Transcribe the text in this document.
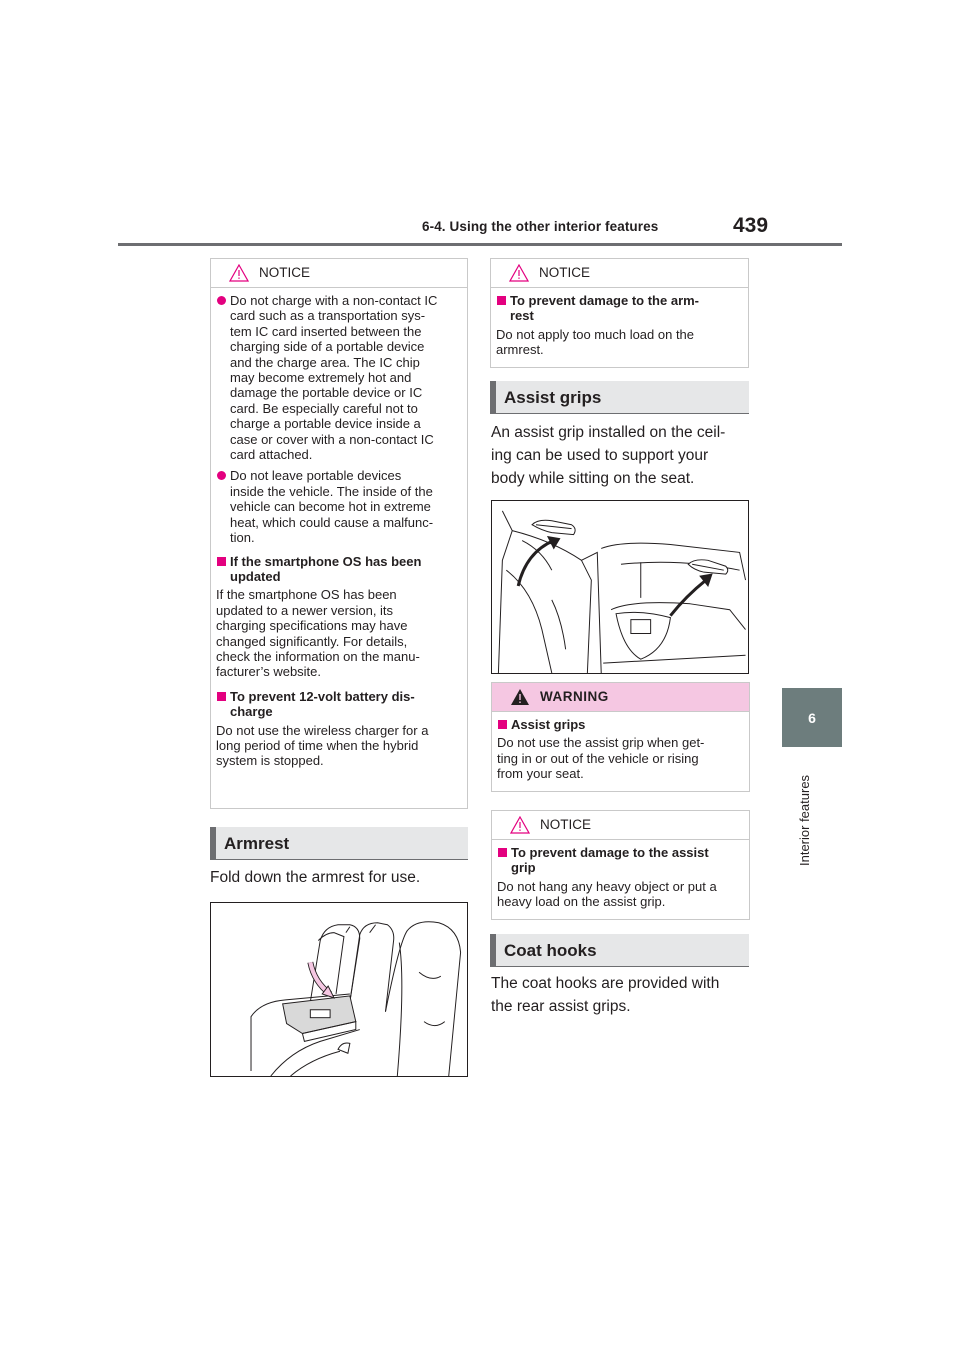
6-4. Using the other interior features	439
6
Interior features
NOTICE
Do not charge with a non-contact IC
card such as a transportation sys-
tem IC card inserted between the
charging side of a portable device
and the charge area. The IC chip
may become extremely hot and
damage the portable device or IC
card. Be especially careful not to
charge a portable device inside a
case or cover with a non-contact IC
card attached.
Do not leave portable devices
inside the vehicle. The inside of the
vehicle can become hot in extreme
heat, which could cause a malfunc-
tion.
If the smartphone OS has been
updated
If the smartphone OS has been
updated to a newer version, its
charging specifications may have
changed significantly. For details,
check the information on the manu-
facturer’s website.
To prevent 12-volt battery dis-
charge
Do not use the wireless charger for a
long period of time when the hybrid
system is stopped.
Armrest
Fold down the armrest for use.
NOTICE
To prevent damage to the arm-
rest
Do not apply too much load on the
armrest.
Assist grips
An assist grip installed on the ceil-
ing can be used to support your
body while sitting on the seat.
WARNING
Assist grips
Do not use the assist grip when get-
ting in or out of the vehicle or rising
from your seat.
NOTICE
To prevent damage to the assist
grip
Do not hang any heavy object or put a
heavy load on the assist grip.
Coat hooks
The coat hooks are provided with
the rear assist grips.
